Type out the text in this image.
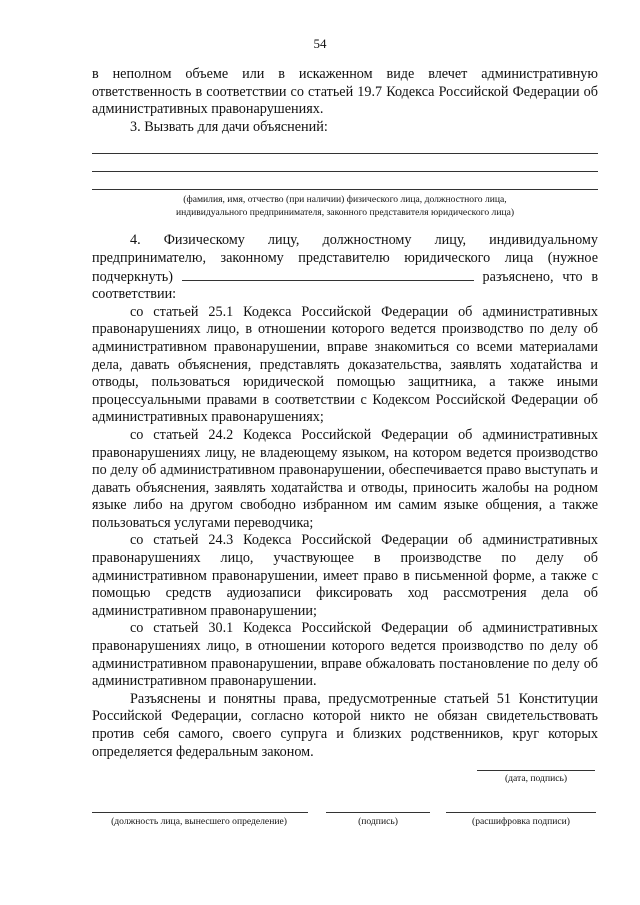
54

в неполном объеме или в искаженном виде влечет административную ответственность в соответствии со статьей 19.7 Кодекса Российской Федерации об административных правонарушениях.

3. Вызвать для дачи объяснений:

(фамилия, имя, отчество (при наличии) физического лица, должностного лица,
индивидуального предпринимателя, законного представителя юридического лица)

4. Физическому лицу, должностному лицу, индивидуальному предпринимателю, законному представителю юридического лица (нужное подчеркнуть)	разъяснено, что в соответствии:

со статьей 25.1 Кодекса Российской Федерации об административных правонарушениях лицо, в отношении которого ведется производство по делу об административном правонарушении, вправе знакомиться со всеми материалами дела, давать объяснения, представлять доказательства, заявлять ходатайства и отводы, пользоваться юридической помощью защитника, а также иными процессуальными правами в соответствии с Кодексом Российской Федерации об административных правонарушениях;

со статьей 24.2 Кодекса Российской Федерации об административных правонарушениях лицу, не владеющему языком, на котором ведется производство по делу об административном правонарушении, обеспечивается право выступать и давать объяснения, заявлять ходатайства и отводы, приносить жалобы на родном языке либо на другом свободно избранном им самим языке общения, а также пользоваться услугами переводчика;

со статьей 24.3 Кодекса Российской Федерации об административных правонарушениях лицо, участвующее в производстве по делу об административном правонарушении, имеет право в письменной форме, а также с помощью средств аудиозаписи фиксировать ход рассмотрения дела об административном правонарушении;

со статьей 30.1 Кодекса Российской Федерации об административных правонарушениях лицо, в отношении которого ведется производство по делу об административном правонарушении, вправе обжаловать постановление по делу об административном правонарушении.

Разъяснены и понятны права, предусмотренные статьей 51 Конституции Российской Федерации, согласно которой никто не обязан свидетельствовать против себя самого, своего супруга и близких родственников, круг которых определяется федеральным законом.

(дата, подпись)
(должность лица, вынесшего определение)	(подпись)	(расшифровка подписи)
